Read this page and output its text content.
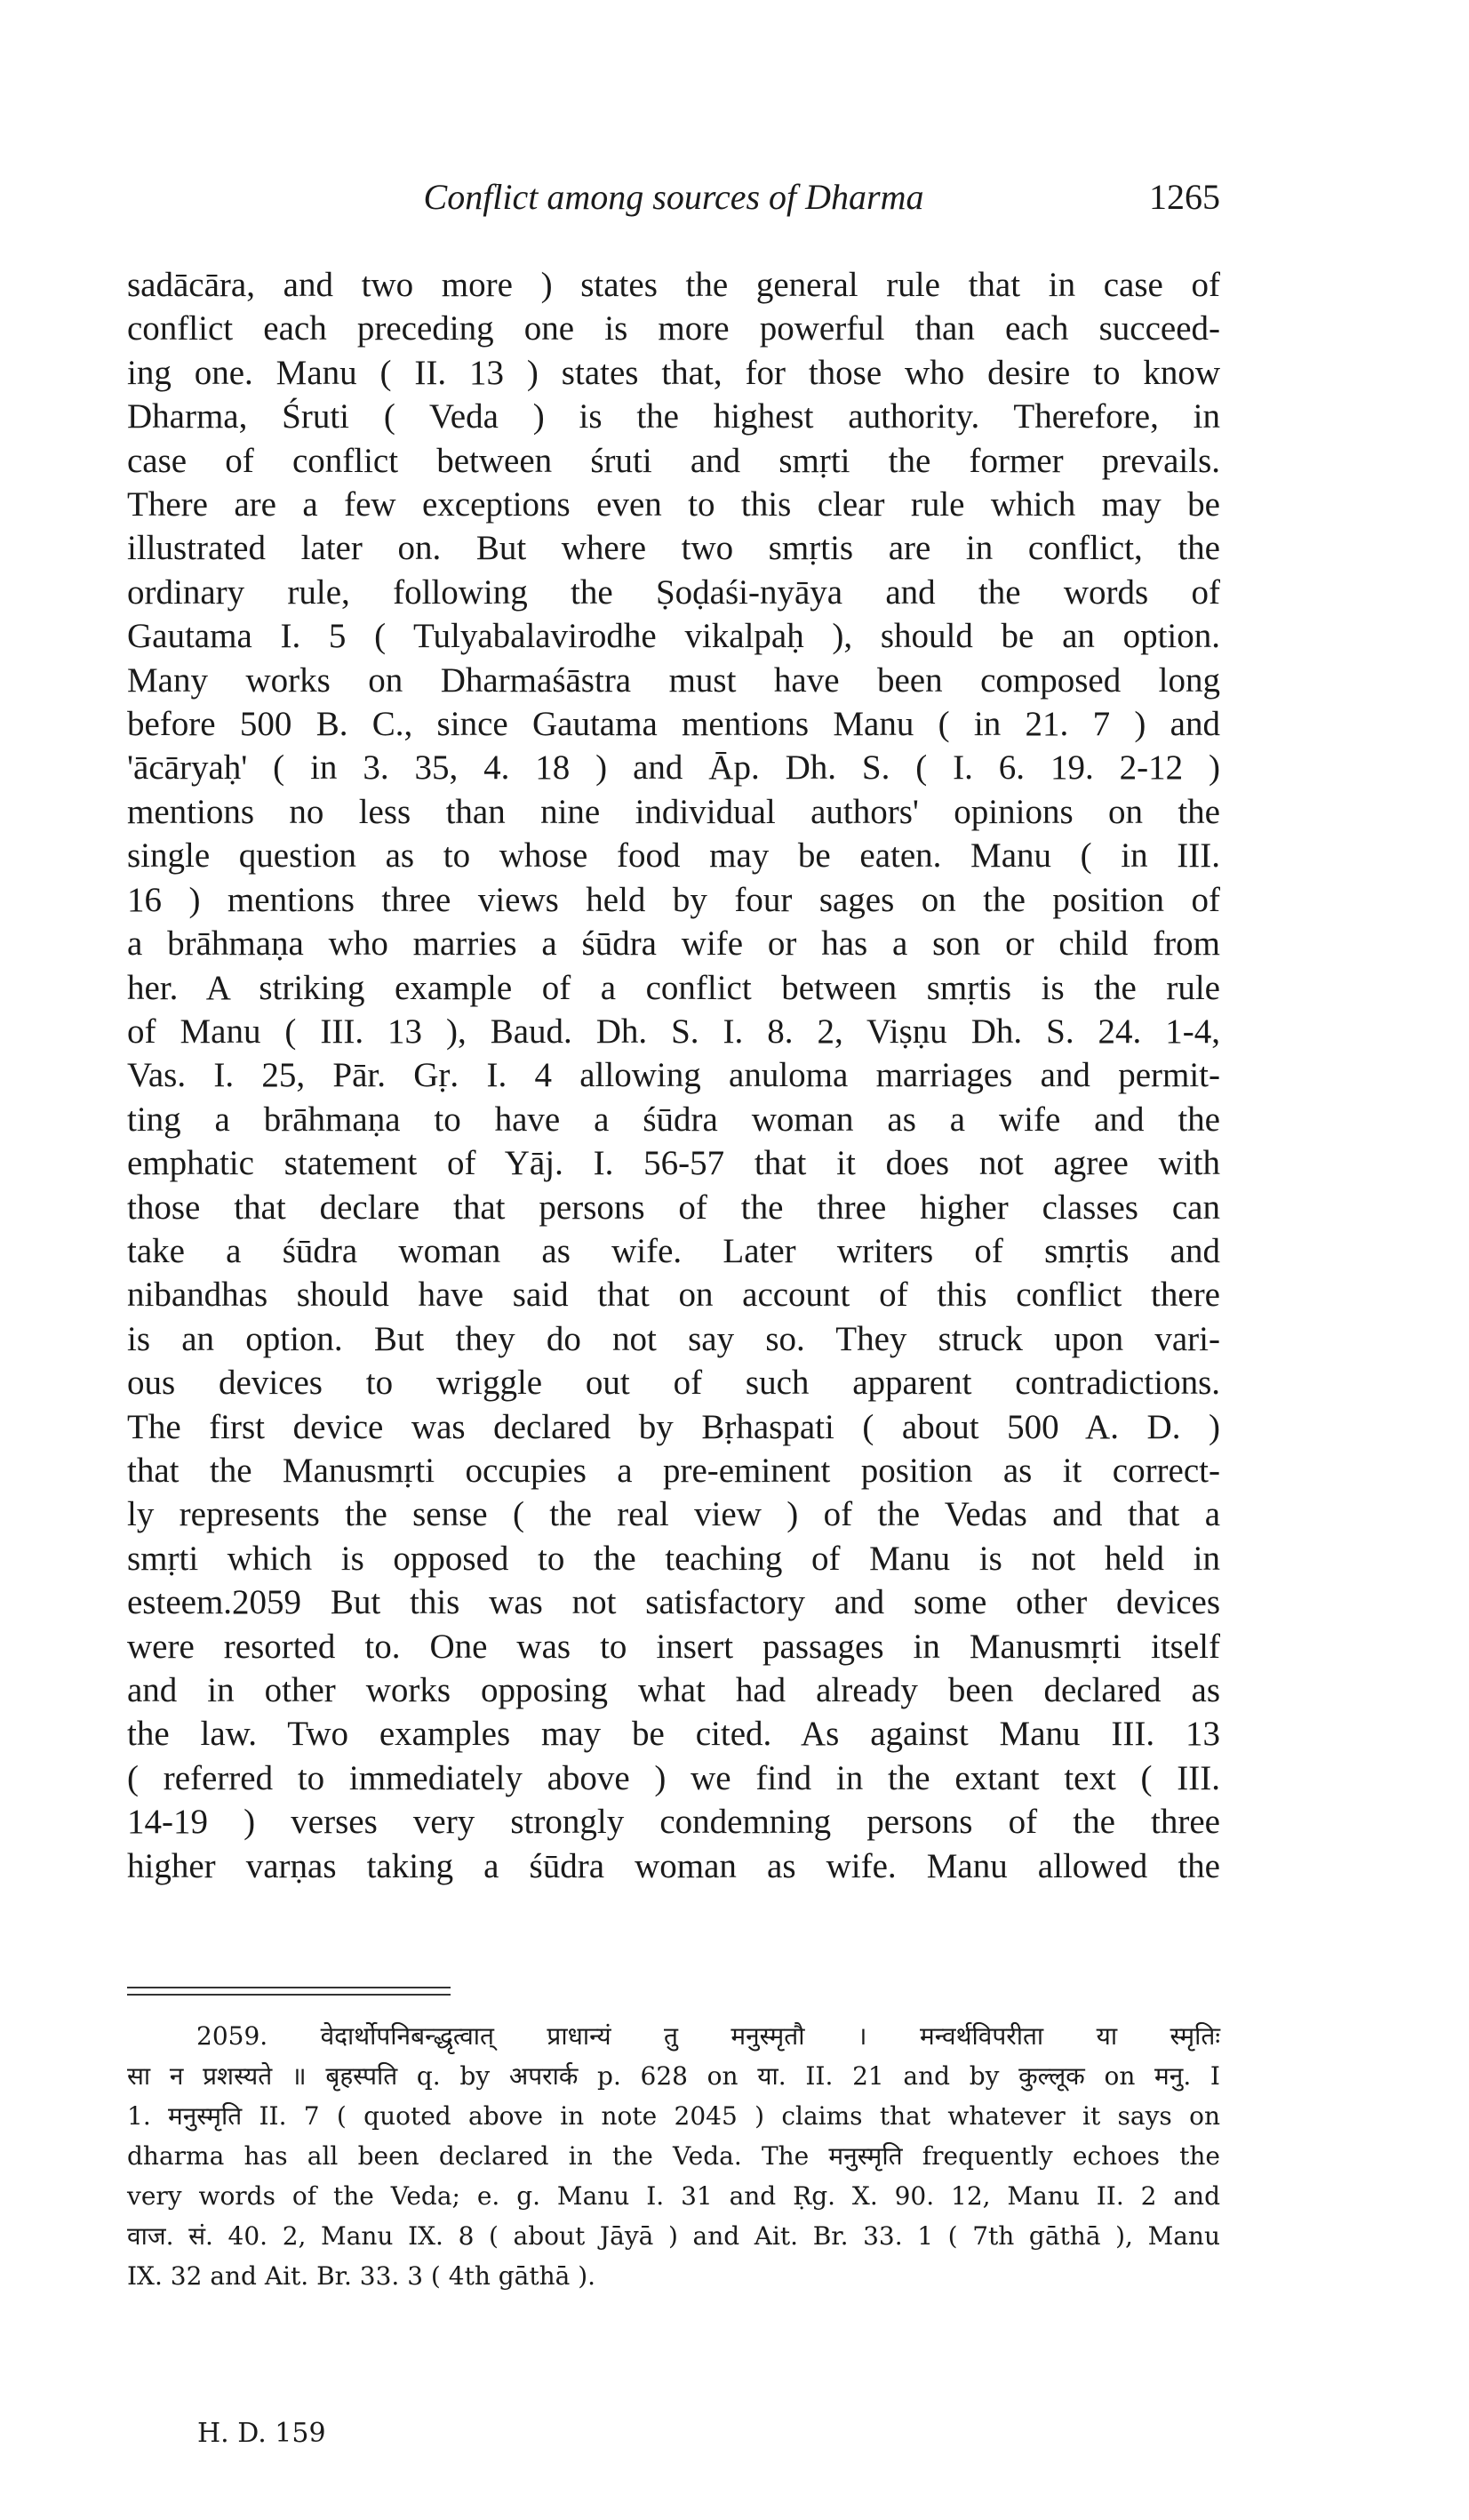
Conflict among sources of Dharma	1265
sadācāra, and two more ) states the general rule that in case of
conflict each preceding one is more powerful than each succeed-
ing one. Manu ( II. 13 ) states that, for those who desire to know
Dharma, Śruti ( Veda ) is the highest authority. Therefore, in
case of conflict between śruti and smṛti the former prevails.
There are a few exceptions even to this clear rule which may be
illustrated later on. But where two smṛtis are in conflict, the
ordinary rule, following the Ṣoḍaśi-nyāya and the words of
Gautama I. 5 ( Tulyabalavirodhe vikalpaḥ ), should be an option.
Many works on Dharmaśāstra must have been composed long
before 500 B. C., since Gautama mentions Manu ( in 21. 7 ) and
'ācāryaḥ' ( in 3. 35, 4. 18 ) and Āp. Dh. S. ( I. 6. 19. 2-12 )
mentions no less than nine individual authors' opinions on the
single question as to whose food may be eaten. Manu ( in III.
16 ) mentions three views held by four sages on the position of
a brāhmaṇa who marries a śūdra wife or has a son or child from
her. A striking example of a conflict between smṛtis is the rule
of Manu ( III. 13 ), Baud. Dh. S. I. 8. 2, Viṣṇu Dh. S. 24. 1-4,
Vas. I. 25, Pār. Gṛ. I. 4 allowing anuloma marriages and permit-
ting a brāhmaṇa to have a śūdra woman as a wife and the
emphatic statement of Yāj. I. 56-57 that it does not agree with
those that declare that persons of the three higher classes can
take a śūdra woman as wife. Later writers of smṛtis and
nibandhas should have said that on account of this conflict there
is an option. But they do not say so. They struck upon vari-
ous devices to wriggle out of such apparent contradictions.
The first device was declared by Bṛhaspati ( about 500 A. D. )
that the Manusmṛti occupies a pre-eminent position as it correct-
ly represents the sense ( the real view ) of the Vedas and that a
smṛti which is opposed to the teaching of Manu is not held in
esteem.2059 But this was not satisfactory and some other devices
were resorted to. One was to insert passages in Manusmṛti itself
and in other works opposing what had already been declared as
the law. Two examples may be cited. As against Manu III. 13
( referred to immediately above ) we find in the extant text ( III.
14-19 ) verses very strongly condemning persons of the three
higher varṇas taking a śūdra woman as wife. Manu allowed the
2059. वेदार्थोपनिबन्द्धृत्वात् प्राधान्यं तु मनुस्मृतौ । मन्वर्थविपरीता या स्मृतिः
सा न प्रशस्यते ॥ बृहस्पति q. by अपरार्क p. 628 on या. II. 21 and by कुल्लूक on मनु. I
1. मनुस्मृति II. 7 ( quoted above in note 2045 ) claims that whatever it says on
dharma has all been declared in the Veda. The मनुस्मृति frequently echoes the
very words of the Veda; e. g. Manu I. 31 and Ṛg. X. 90. 12, Manu II. 2 and
वाज. सं. 40. 2, Manu IX. 8 ( about Jāyā ) and Ait. Br. 33. 1 ( 7th gāthā ), Manu
IX. 32 and Ait. Br. 33. 3 ( 4th gāthā ).
H. D. 159
